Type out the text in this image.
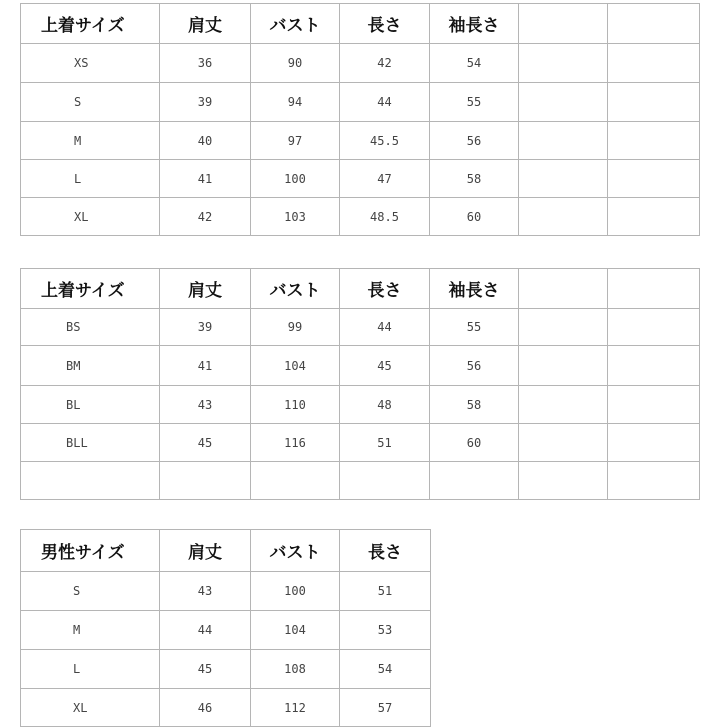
上着サイズ	肩丈	バスト	長さ	袖長さ		
XS	36	90	42	54		
S	39	94	44	55		
M	40	97	45.5	56		
L	41	100	47	58		
XL	42	103	48.5	60		
上着サイズ	肩丈	バスト	長さ	袖長さ		
BS	39	99	44	55		
BM	41	104	45	56		
BL	43	110	48	58		
BLL	45	116	51	60		

男性サイズ	肩丈	バスト	長さ
S	43	100	51
M	44	104	53
L	45	108	54
XL	46	112	57
